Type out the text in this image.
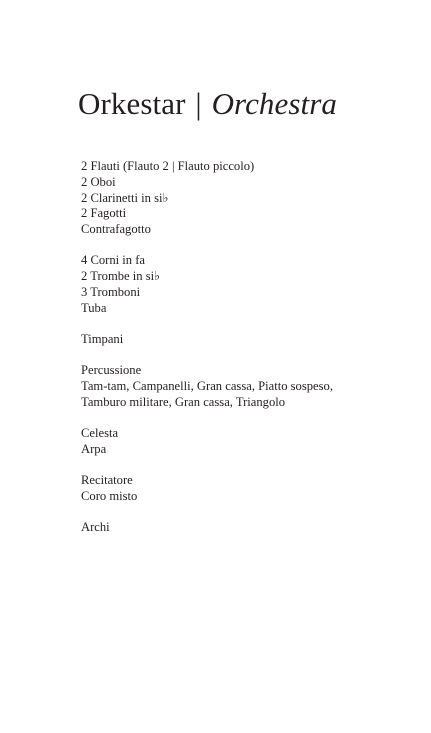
Orkestar | Orchestra
2 Flauti (Flauto 2 | Flauto piccolo)
2 Oboi
2 Clarinetti in si♭
2 Fagotti
Contrafagotto
4 Corni in fa
2 Trombe in si♭
3 Tromboni
Tuba
Timpani
Percussione
Tam-tam, Campanelli, Gran cassa, Piatto sospeso,
Tamburo militare, Gran cassa, Triangolo
Celesta
Arpa
Recitatore
Coro misto
Archi
